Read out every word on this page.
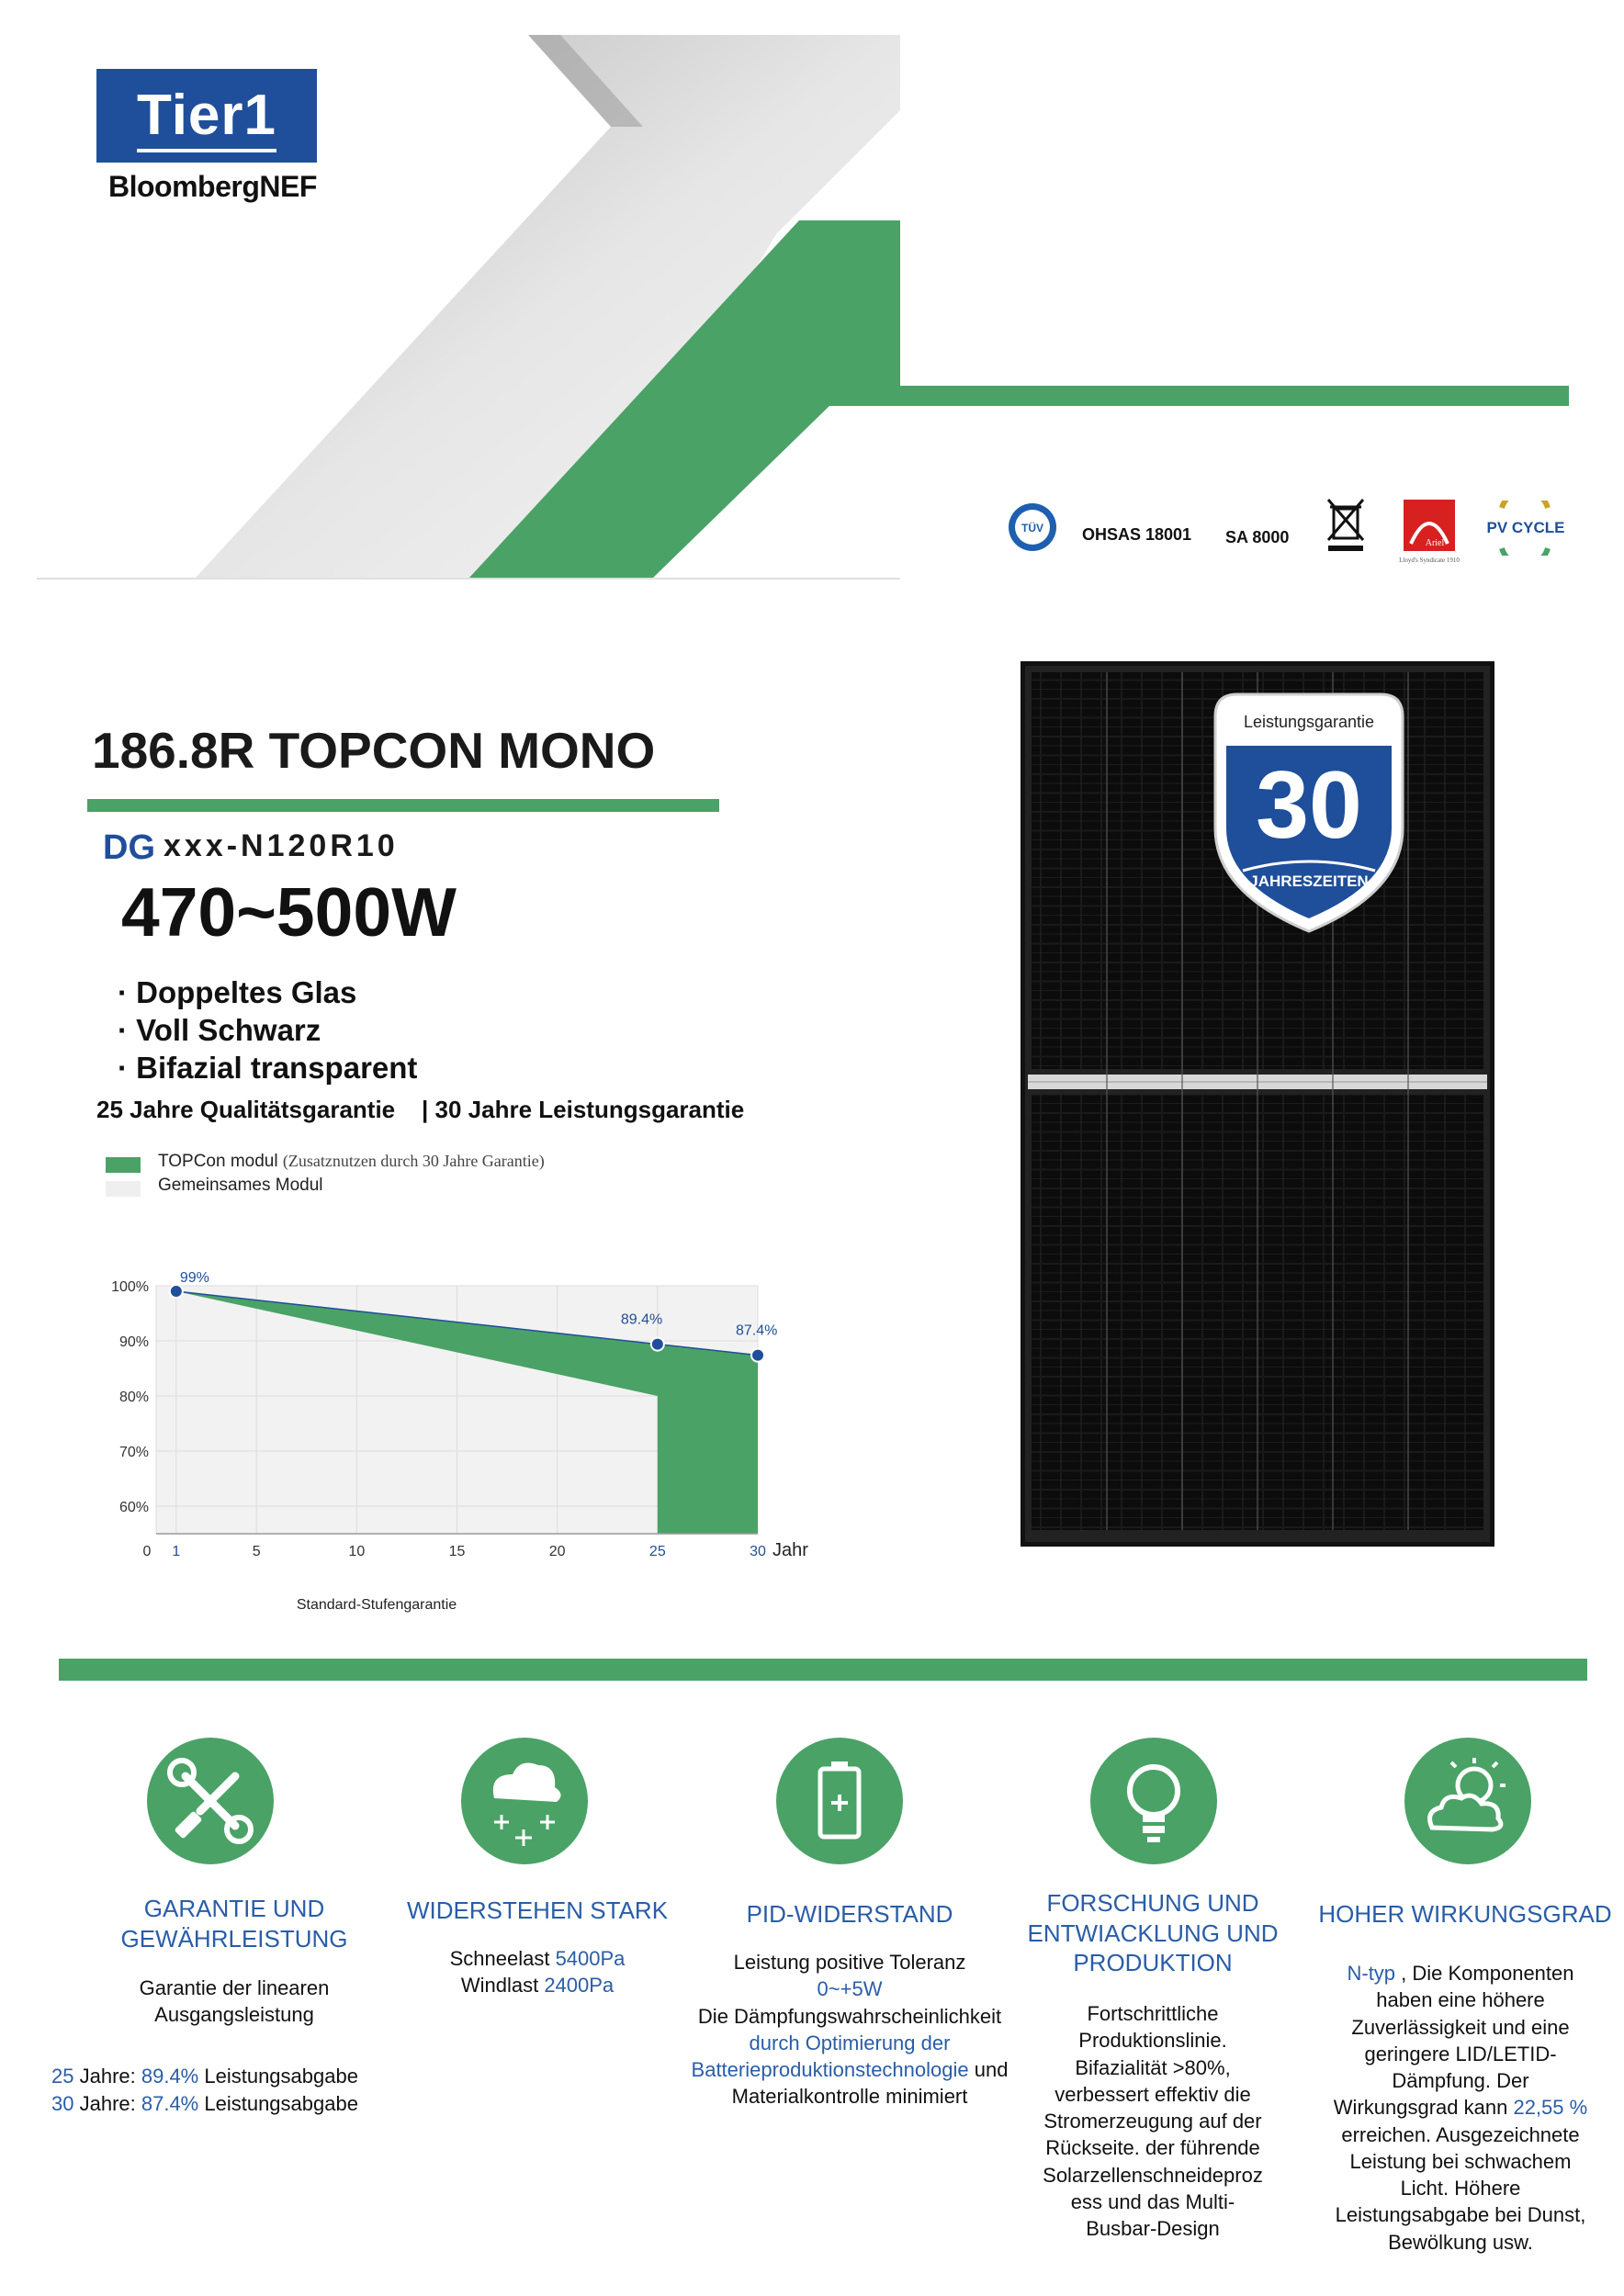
Tier1
BloombergNEF
TÜV OHSAS 18001 SA 8000	Ariel
Lloyd's Syndicate 1910
PV CYCLE
186.8R TOPCON MONO
DG xxx-N120R10
470~500W
· Doppeltes Glas
· Voll Schwarz
· Bifazial transparent
25 Jahre Qualitätsgarantie    | 30 Jahre Leistungsgarantie
TOPCon modul (Zusatznutzen durch 30 Jahre Garantie)
Gemeinsames Modul
99%
89.4%
87.4%
100%
90%
80%
70%
60%
0 1	5	10	15	20	25	30 Jahr
Standard-Stufengarantie
Leistungsgarantie
30
JAHRESZEITEN
GARANTIE UND GEWÄHRLEISTUNG
Garantie der linearen Ausgangsleistung
25 Jahre: 89.4% Leistungsabgabe
30 Jahre: 87.4% Leistungsabgabe
WIDERSTEHEN STARK
Schneelast 5400Pa
Windlast 2400Pa
PID-WIDERSTAND
Leistung positive Toleranz
0~+5W
Die Dämpfungswahrscheinlichkeit
durch Optimierung der
Batterieproduktionstechnologie und
Materialkontrolle minimiert
FORSCHUNG UND ENTWIACKLUNG UND PRODUKTION
Fortschrittliche Produktionslinie. Bifazialität >80%, verbessert effektiv die Stromerzeugung auf der Rückseite. der führende Solarzellenschneideproz ess und das Multi-Busbar-Design
HOHER WIRKUNGSGRAD
N-typ , Die Komponenten haben eine höhere Zuverlässigkeit und eine geringere LID/LETID-Dämpfung. Der Wirkungsgrad kann 22,55 % erreichen. Ausgezeichnete Leistung bei schwachem Licht. Höhere Leistungsabgabe bei Dunst, Bewölkung usw.
